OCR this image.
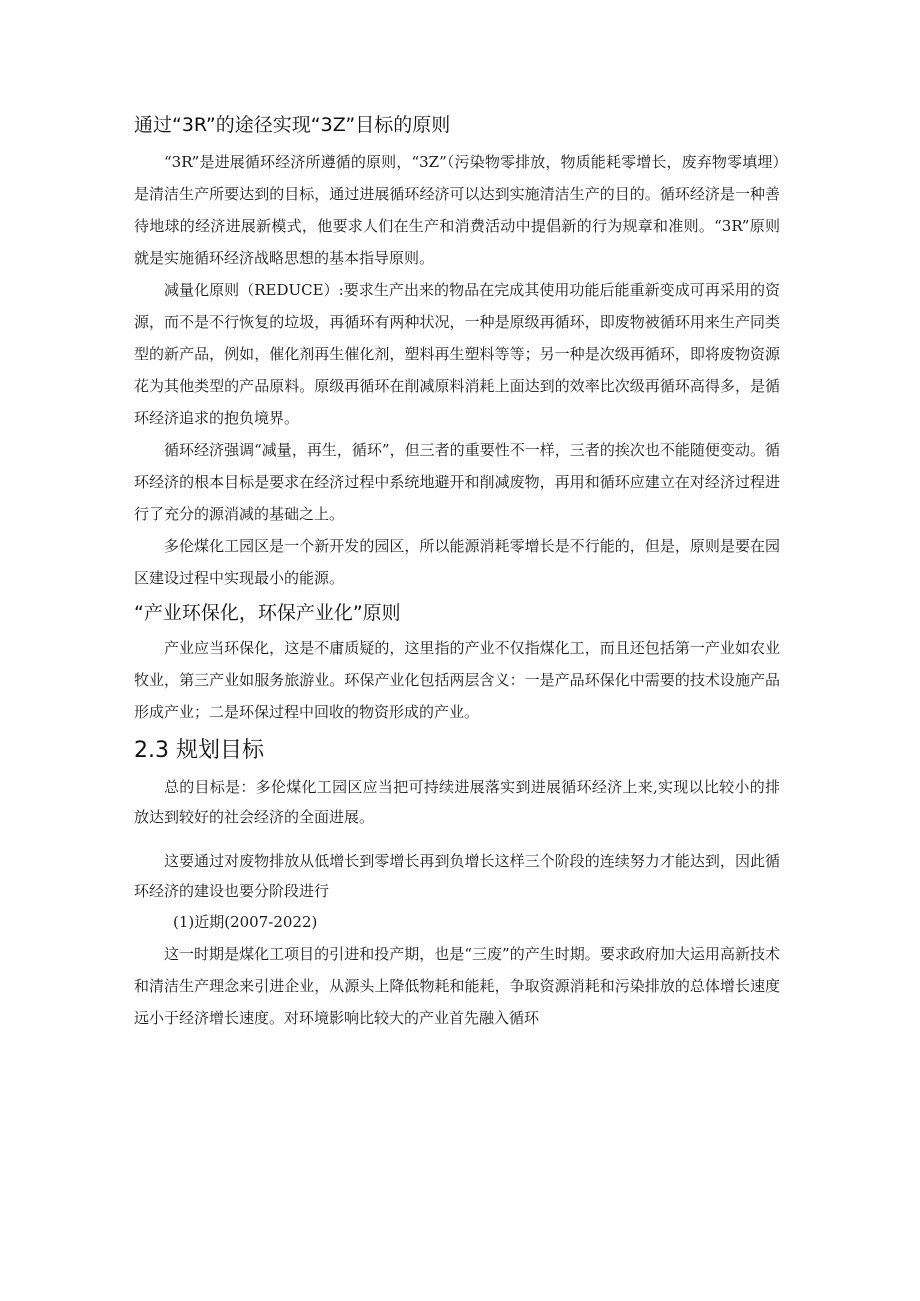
通过“3R”的途径实现“3Z”目标的原则

“3R”是进展循环经济所遵循的原则，“3Z”（污染物零排放，物质能耗零增长，废弃物零填埋）是清洁生产所要达到的目标，通过进展循环经济可以达到实施清洁生产的目的。循环经济是一种善待地球的经济进展新模式，他要求人们在生产和消费活动中提倡新的行为规章和准则。“3R”原则就是实施循环经济战略思想的基本指导原则。

减量化原则（REDUCE）:要求生产出来的物品在完成其使用功能后能重新变成可再采用的资源，而不是不行恢复的垃圾，再循环有两种状况，一种是原级再循环，即废物被循环用来生产同类型的新产品，例如，催化剂再生催化剂，塑料再生塑料等等；另一种是次级再循环，即将废物资源花为其他类型的产品原料。原级再循环在削减原料消耗上面达到的效率比次级再循环高得多，是循环经济追求的抱负境界。

循环经济强调“减量，再生，循环”，但三者的重要性不一样，三者的挨次也不能随便变动。循环经济的根本目标是要求在经济过程中系统地避开和削减废物，再用和循环应建立在对经济过程进行了充分的源消减的基础之上。

多伦煤化工园区是一个新开发的园区，所以能源消耗零增长是不行能的，但是，原则是要在园区建设过程中实现最小的能源。

“产业环保化，环保产业化”原则

产业应当环保化，这是不庸质疑的，这里指的产业不仅指煤化工，而且还包括第一产业如农业牧业，第三产业如服务旅游业。环保产业化包括两层含义：一是产品环保化中需要的技术设施产品形成产业；二是环保过程中回收的物资形成的产业。

2.3 规划目标

总的目标是：多伦煤化工园区应当把可持续进展落实到进展循环经济上来,实现以比较小的排放达到较好的社会经济的全面进展。

这要通过对废物排放从低增长到零增长再到负增长这样三个阶段的连续努力才能达到，因此循环经济的建设也要分阶段进行

(1)近期(2007-2022)

这一时期是煤化工项目的引进和投产期，也是“三废”的产生时期。要求政府加大运用高新技术和清洁生产理念来引进企业，从源头上降低物耗和能耗，争取资源消耗和污染排放的总体增长速度远小于经济增长速度。对环境影响比较大的产业首先融入循环
